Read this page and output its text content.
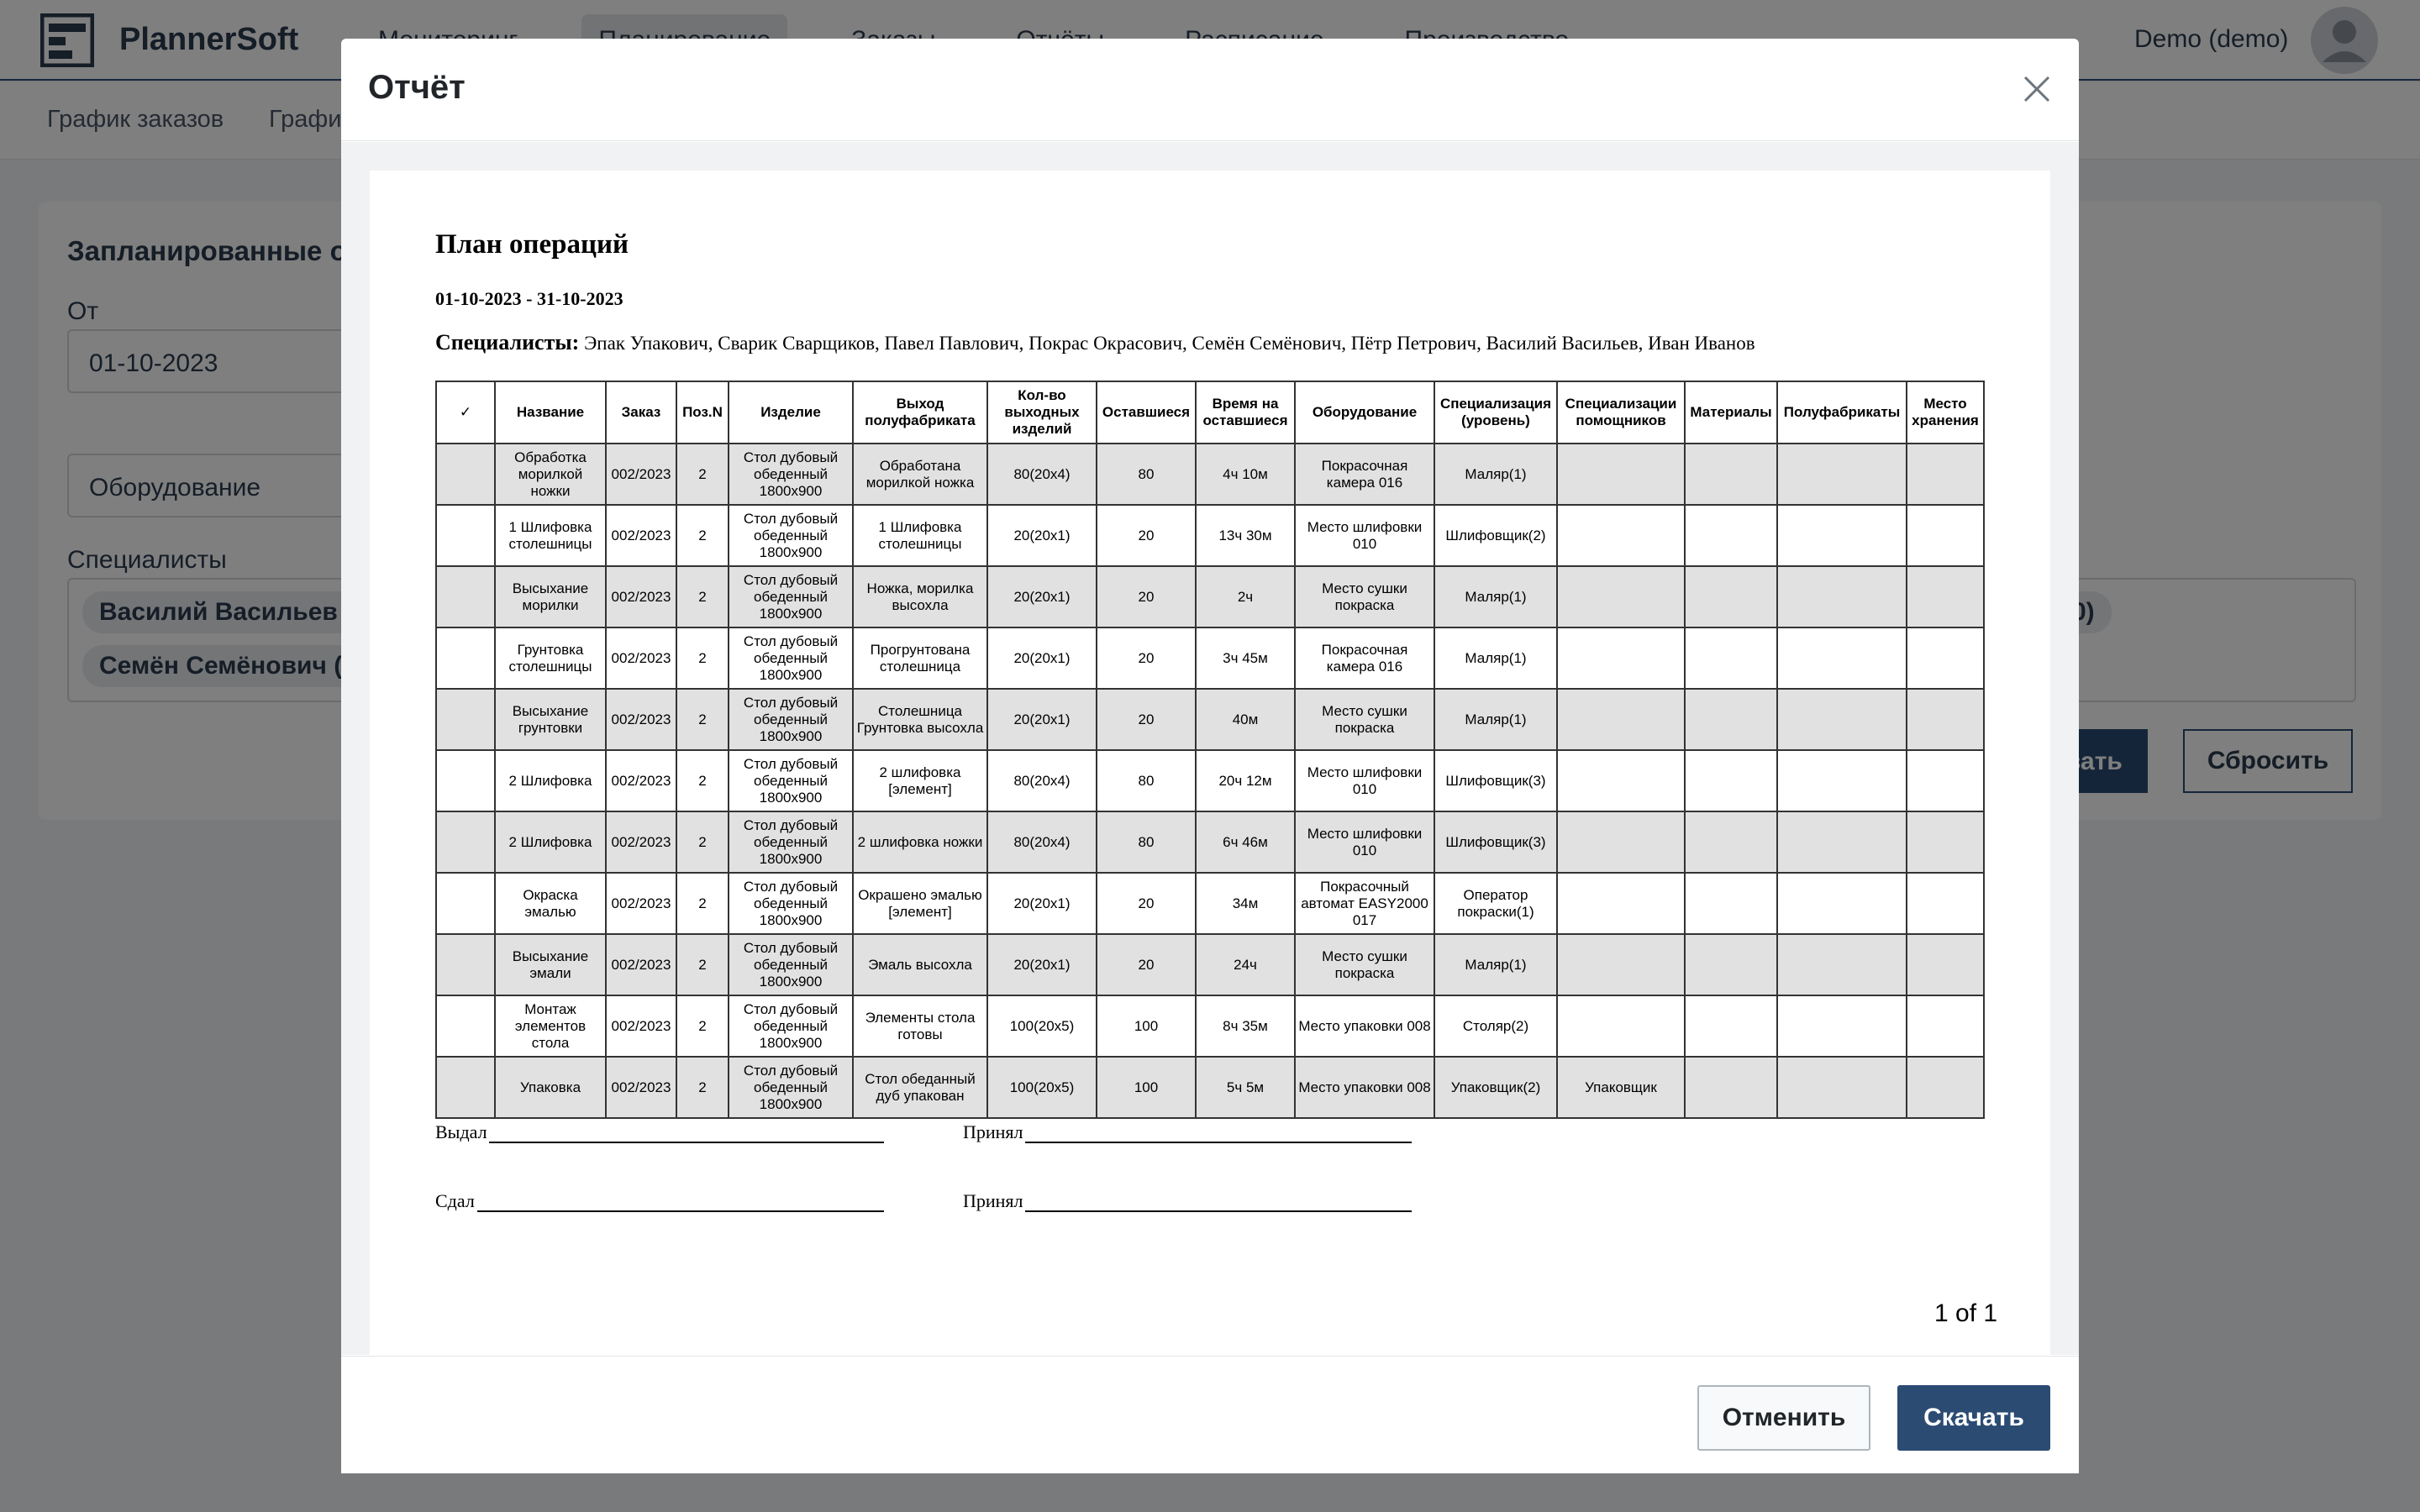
Отчёт
План операций
01-10-2023 - 31-10-2023
Специалисты: Эпак Упакович, Сварик Сварщиков, Павел Павлович, Покрас Окрасович, Семён Семёнович, Пётр Петрович, Василий Васильев, Иван Иванов
✓	Название	Заказ	Поз.N	Изделие	Выход полуфабриката	Кол-во выходных изделий	Оставшиеся	Время на оставшиеся	Оборудование	Специализация (уровень)	Специализации помощников	Материалы	Полуфабрикаты	Место хранения
	Обработка морилкой ножки	002/2023	2	Стол дубовый обеденный 1800x900	Обработана морилкой ножка	80(20x4)	80	4ч 10м	Покрасочная камера 016	Маляр(1)				
	1 Шлифовка столешницы	002/2023	2	Стол дубовый обеденный 1800x900	1 Шлифовка столешницы	20(20x1)	20	13ч 30м	Место шлифовки 010	Шлифовщик(2)				
	Высыхание морилки	002/2023	2	Стол дубовый обеденный 1800x900	Ножка, морилка высохла	20(20x1)	20	2ч	Место сушки покраска	Маляр(1)				
	Грунтовка столешницы	002/2023	2	Стол дубовый обеденный 1800x900	Прогрунтована столешница	20(20x1)	20	3ч 45м	Покрасочная камера 016	Маляр(1)				
	Высыхание грунтовки	002/2023	2	Стол дубовый обеденный 1800x900	Столешница Грунтовка высохла	20(20x1)	20	40м	Место сушки покраска	Маляр(1)				
	2 Шлифовка	002/2023	2	Стол дубовый обеденный 1800x900	2 шлифовка [элемент]	80(20x4)	80	20ч 12м	Место шлифовки 010	Шлифовщик(3)				
	2 Шлифовка	002/2023	2	Стол дубовый обеденный 1800x900	2 шлифовка ножки	80(20x4)	80	6ч 46м	Место шлифовки 010	Шлифовщик(3)				
	Окраска эмалью	002/2023	2	Стол дубовый обеденный 1800x900	Окрашено эмалью [элемент]	20(20x1)	20	34м	Покрасочный автомат EASY2000 017	Оператор покраски(1)				
	Высыхание эмали	002/2023	2	Стол дубовый обеденный 1800x900	Эмаль высохла	20(20x1)	20	24ч	Место сушки покраска	Маляр(1)				
	Монтаж элементов стола	002/2023	2	Стол дубовый обеденный 1800x900	Элементы стола готовы	100(20x5)	100	8ч 35м	Место упаковки 008	Столяр(2)				
	Упаковка	002/2023	2	Стол дубовый обеденный 1800x900	Стол обеданный дуб упакован	100(20x5)	100	5ч 5м	Место упаковки 008	Упаковщик(2)	Упаковщик			
Выдал	Принял
Сдал	Принял
1 of 1
Отменить	Скачать
